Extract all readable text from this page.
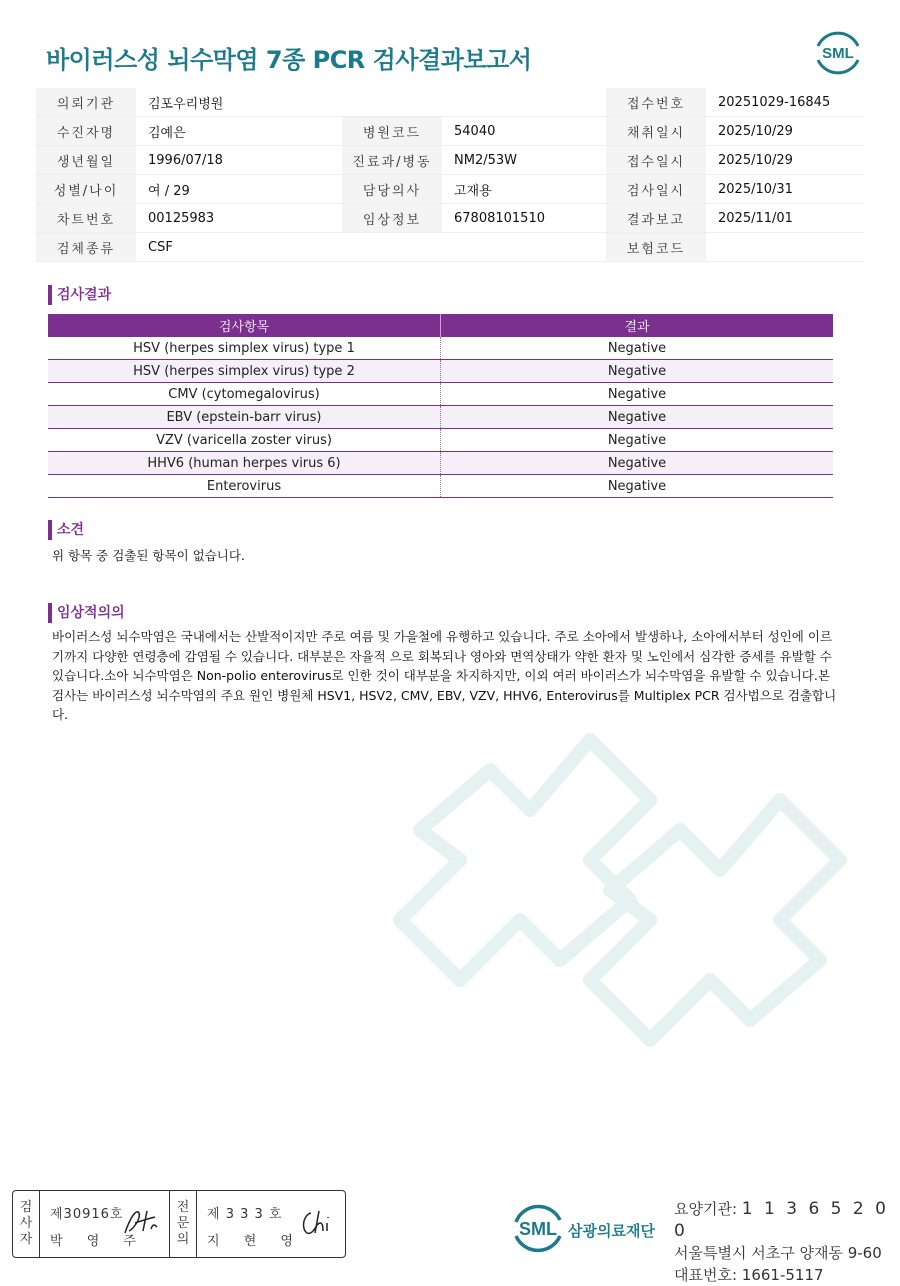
바이러스성 뇌수막염 7종 PCR 검사결과보고서	SML
의뢰기관	김포우리병원			접수번호	20251029-16845
수진자명	김예은	병원코드	54040	채취일시	2025/10/29
생년월일	1996/07/18	진료과/병동	NM2/53W	접수일시	2025/10/29
성별/나이	여 / 29	담당의사	고재용	검사일시	2025/10/31
차트번호	00125983	임상정보	67808101510	결과보고	2025/11/01
검체종류	CSF			보험코드	
검사결과
검사항목	결과
HSV (herpes simplex virus) type 1	Negative
HSV (herpes simplex virus) type 2	Negative
CMV (cytomegalovirus)	Negative
EBV (epstein-barr virus)	Negative
VZV (varicella zoster virus)	Negative
HHV6 (human herpes virus 6)	Negative
Enterovirus	Negative
소견
위 항목 중 검출된 항목이 없습니다.
임상적의의
바이러스성 뇌수막염은 국내에서는 산발적이지만 주로 여름 및 가을철에 유행하고 있습니다. 주로 소아에서 발생하나, 소아에서부터 성인에 이르기까지 다양한 연령층에 감염될 수 있습니다. 대부분은 자율적 으로 회복되나 영아와 면역상태가 약한 환자 및 노인에서 심각한 증세를 유발할 수 있습니다.소아 뇌수막염은 Non-polio enterovirus로 인한 것이 대부분을 차지하지만, 이외 여러 바이러스가 뇌수막염을 유발할 수 있습니다.본 검사는 바이러스성 뇌수막염의 주요 원인 병원체 HSV1, HSV2, CMV, EBV, VZV, HHV6, Enterovirus를 Multiplex PCR 검사법으로 검출합니다.
검
사
자
제30916호
박 영 주
전
문
의
제 3 3 3 호
지 현 영
SML 삼광의료재단
요양기관: 1 1 3 6 5 2 0 0
서울특별시 서초구 양재동 9-60
대표번호: 1661-5117
